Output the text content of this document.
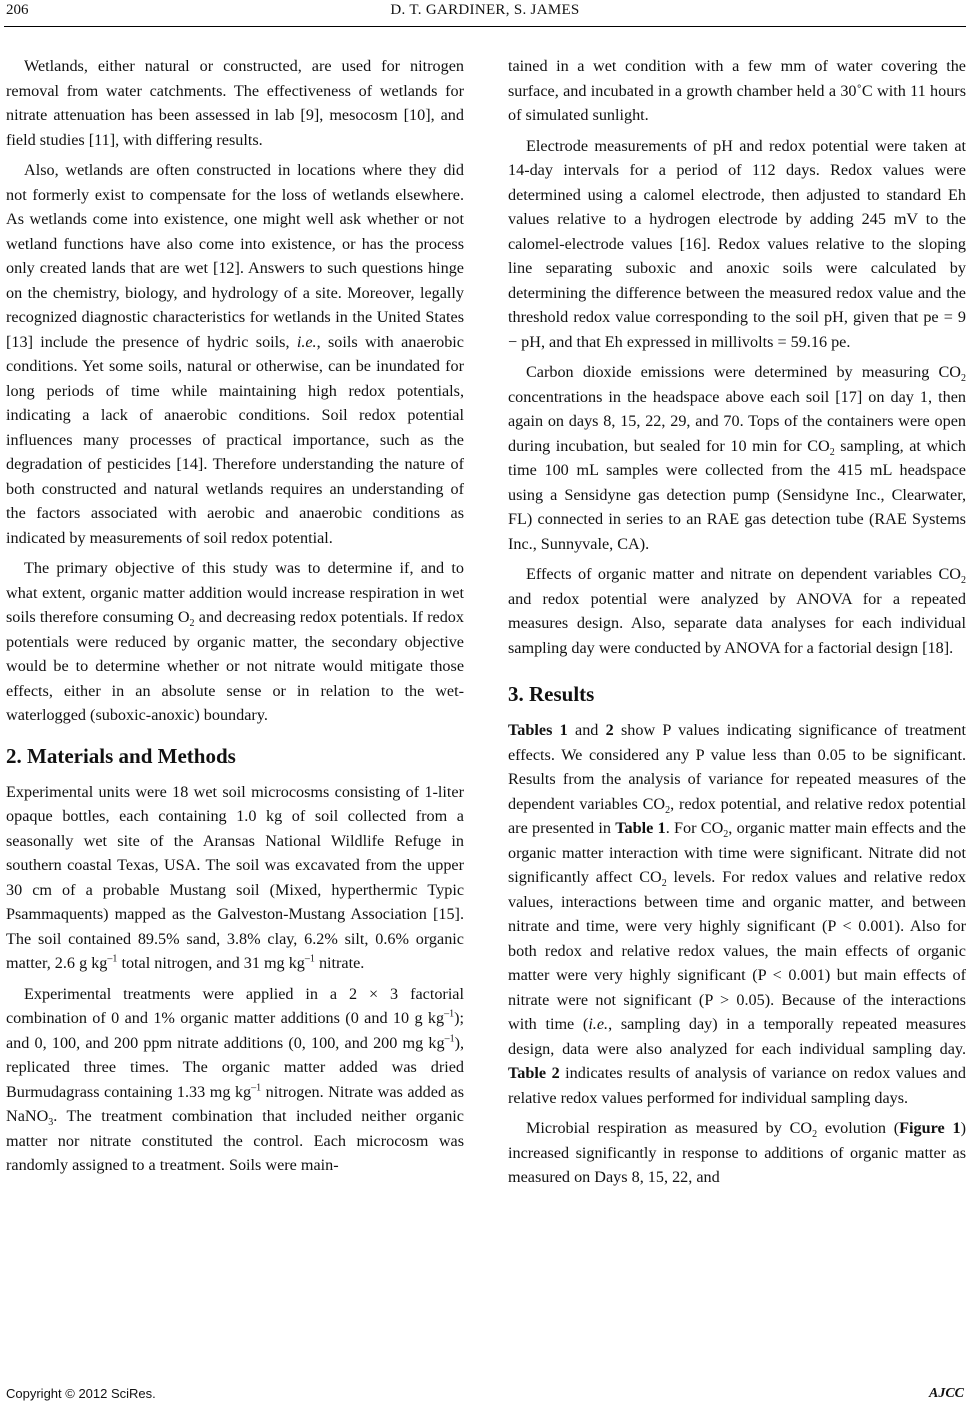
206	D. T. GARDINER, S. JAMES

Wetlands, either natural or constructed, are used for nitrogen removal from water catchments. The effectiveness of wetlands for nitrate attenuation has been assessed in lab [9], mesocosm [10], and field studies [11], with differing results.

Also, wetlands are often constructed in locations where they did not formerly exist to compensate for the loss of wetlands elsewhere. As wetlands come into existence, one might well ask whether or not wetland functions have also come into existence, or has the process only created lands that are wet [12]. Answers to such questions hinge on the chemistry, biology, and hydrology of a site. Moreover, legally recognized diagnostic characteristics for wetlands in the United States [13] include the presence of hydric soils, i.e., soils with anaerobic conditions. Yet some soils, natural or otherwise, can be inundated for long periods of time while maintaining high redox potentials, indicating a lack of anaerobic conditions. Soil redox potential influences many processes of practical importance, such as the degradation of pesticides [14]. Therefore understanding the nature of both constructed and natural wetlands requires an understanding of the factors associated with aerobic and anaerobic conditions as indicated by measurements of soil redox potential.

The primary objective of this study was to determine if, and to what extent, organic matter addition would increase respiration in wet soils therefore consuming $O_2$ and decreasing redox potentials. If redox potentials were reduced by organic matter, the secondary objective would be to determine whether or not nitrate would mitigate those effects, either in an absolute sense or in relation to the wet-waterlogged (suboxic-anoxic) boundary.

2. Materials and Methods

Experimental units were 18 wet soil microcosms consisting of 1-liter opaque bottles, each containing 1.0 kg of soil collected from a seasonally wet site of the Aransas National Wildlife Refuge in southern coastal Texas, USA. The soil was excavated from the upper 30 cm of a probable Mustang soil (Mixed, hyperthermic Typic Psammaquents) mapped as the Galveston-Mustang Association [15]. The soil contained 89.5% sand, 3.8% clay, 6.2% silt, 0.6% organic matter, 2.6 g $kg^{-1}$ total nitrogen, and 31 mg $kg^{-1}$ nitrate.

Experimental treatments were applied in a 2 × 3 factorial combination of 0 and 1% organic matter additions (0 and 10 g $kg^{-1}$); and 0, 100, and 200 ppm nitrate additions (0, 100, and 200 mg $kg^{-1}$), replicated three times. The organic matter added was dried Burmudagrass containing 1.33 mg $kg^{-1}$ nitrogen. Nitrate was added as NaNO$_3$. The treatment combination that included neither organic matter nor nitrate constituted the control. Each microcosm was randomly assigned to a treatment. Soils were main-

tained in a wet condition with a few mm of water covering the surface, and incubated in a growth chamber held a 30˚C with 11 hours of simulated sunlight.

Electrode measurements of pH and redox potential were taken at 14-day intervals for a period of 112 days. Redox values were determined using a calomel electrode, then adjusted to standard Eh values relative to a hydrogen electrode by adding 245 mV to the calomel-electrode values [16]. Redox values relative to the sloping line separating suboxic and anoxic soils were calculated by determining the difference between the measured redox value and the threshold redox value corresponding to the soil pH, given that pe = 9 − pH, and that Eh expressed in millivolts = 59.16 pe.

Carbon dioxide emissions were determined by measuring $CO_2$ concentrations in the headspace above each soil [17] on day 1, then again on days 8, 15, 22, 29, and 70. Tops of the containers were open during incubation, but sealed for 10 min for $CO_2$ sampling, at which time 100 mL samples were collected from the 415 mL headspace using a Sensidyne gas detection pump (Sensidyne Inc., Clearwater, FL) connected in series to an RAE gas detection tube (RAE Systems Inc., Sunnyvale, CA).

Effects of organic matter and nitrate on dependent variables $CO_2$ and redox potential were analyzed by ANOVA for a repeated measures design. Also, separate data analyses for each individual sampling day were conducted by ANOVA for a factorial design [18].

3. Results

Tables 1 and 2 show P values indicating significance of treatment effects. We considered any P value less than 0.05 to be significant. Results from the analysis of variance for repeated measures of the dependent variables $CO_2$, redox potential, and relative redox potential are presented in Table 1. For $CO_2$, organic matter main effects and the organic matter interaction with time were significant. Nitrate did not significantly affect $CO_2$ levels. For redox values and relative redox values, interactions between time and organic matter, and between nitrate and time, were very highly significant (P < 0.001). Also for both redox and relative redox values, the main effects of organic matter were very highly significant (P < 0.001) but main effects of nitrate were not significant (P > 0.05). Because of the interactions with time (i.e., sampling day) in a temporally repeated measures design, data were also analyzed for each individual sampling day. Table 2 indicates results of analysis of variance on redox values and relative redox values performed for individual sampling days.

Microbial respiration as measured by $CO_2$ evolution (Figure 1) increased significantly in response to additions of organic matter as measured on Days 8, 15, 22, and

Copyright © 2012 SciRes.	AJCC
